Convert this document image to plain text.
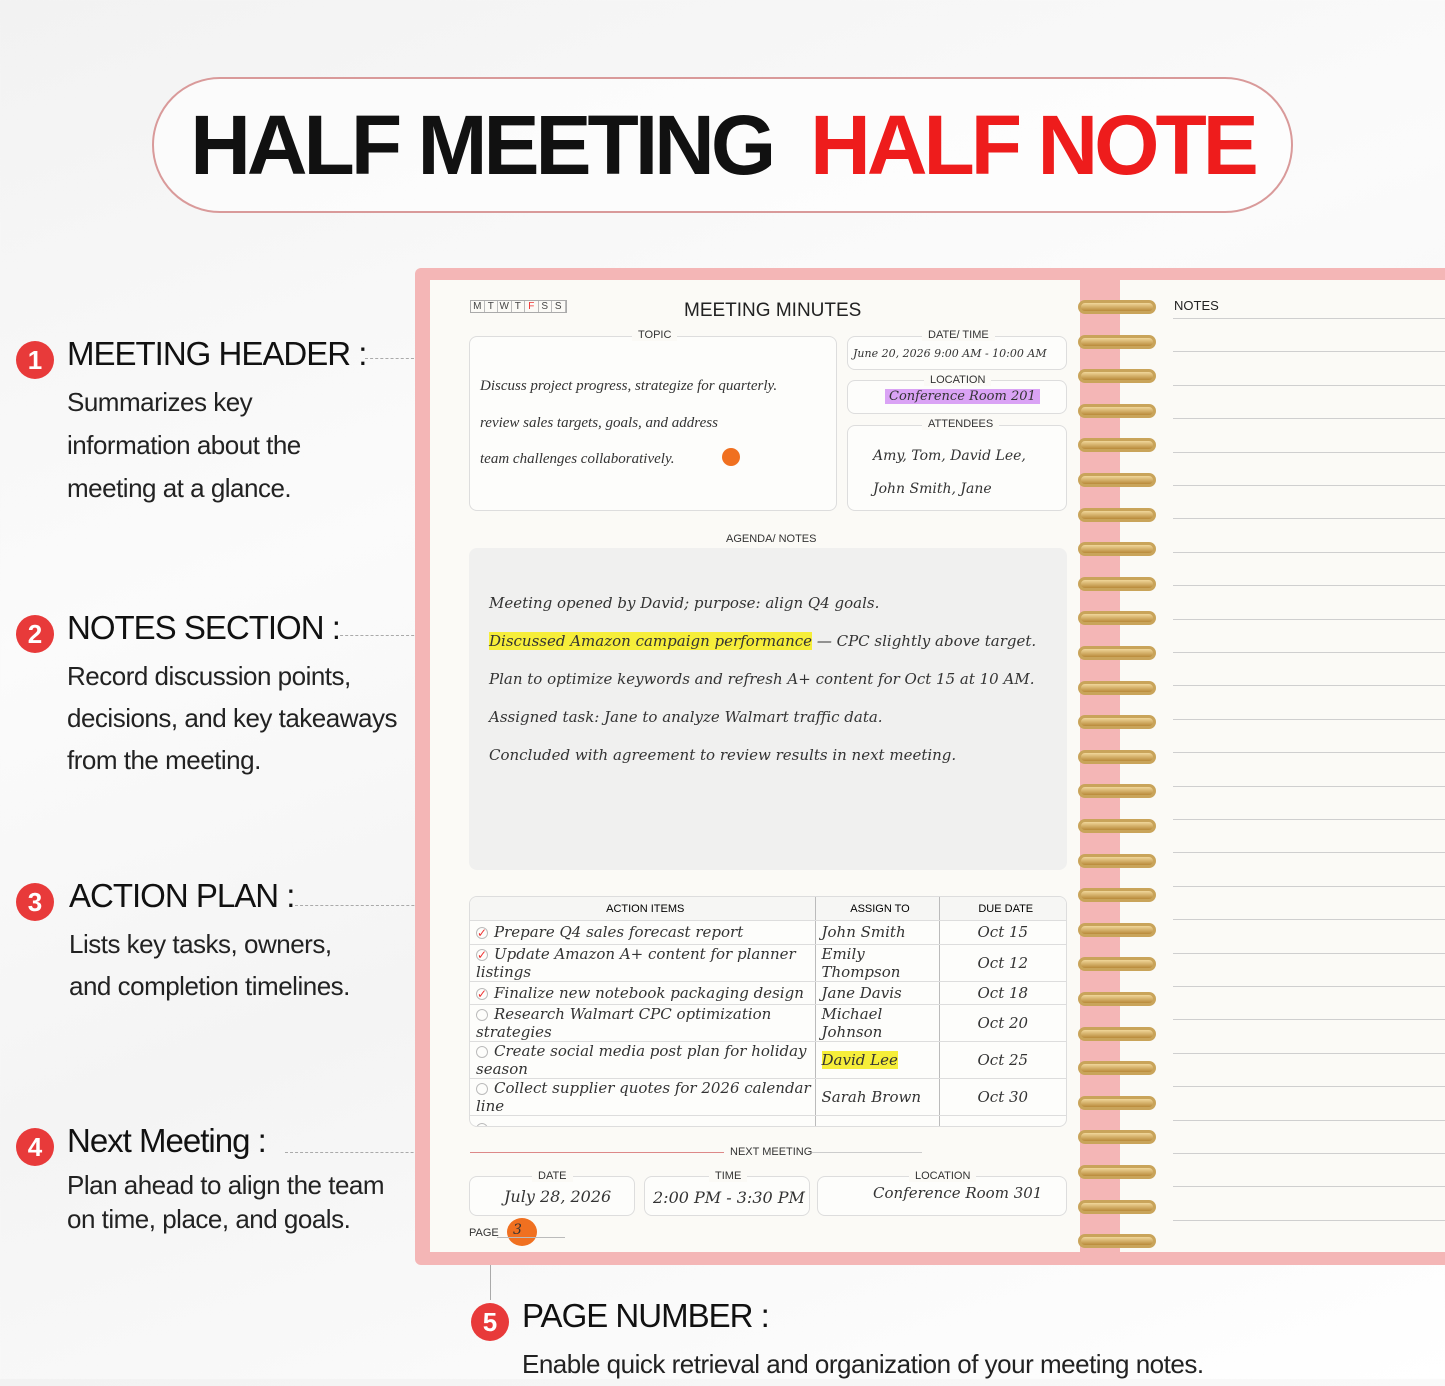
HALF MEETING HALF NOTE
1 MEETING HEADER :
Summarizes key information about the meeting at a glance.
2 NOTES SECTION :
Record discussion points, decisions, and key takeaways from the meeting.
3 ACTION PLAN :
Lists key tasks, owners, and completion timelines.
4 Next Meeting :
Plan ahead to align the team on time, place, and goals.
5 PAGE NUMBER :
Enable quick retrieval and organization of your meeting notes.
M T W T F S S	MEETING MINUTES
TOPIC
Discuss project progress, strategize for quarterly.
review sales targets, goals, and address
team challenges collaboratively.
DATE/ TIME
June 20, 2026 9:00 AM - 10:00 AM
LOCATION
Conference Room 201
ATTENDEES
Amy, Tom, David Lee,
John Smith, Jane
AGENDA/ NOTES
Meeting opened by David; purpose: align Q4 goals.
Discussed Amazon campaign performance — CPC slightly above target.
Plan to optimize keywords and refresh A+ content for Oct 15 at 10 AM.
Assigned task: Jane to analyze Walmart traffic data.
Concluded with agreement to review results in next meeting.
ACTION ITEMS	ASSIGN TO	DUE DATE
✓ Prepare Q4 sales forecast report	John Smith	Oct 15
✓ Update Amazon A+ content for planner listings	Emily Thompson	Oct 12
✓ Finalize new notebook packaging design	Jane Davis	Oct 18
Research Walmart CPC optimization strategies	Michael Johnson	Oct 20
Create social media post plan for holiday season	David Lee	Oct 25
Collect supplier quotes for 2026 calendar line	Sarah Brown	Oct 30

NEXT MEETING
DATE
July 28, 2026
TIME
2:00 PM - 3:30 PM
LOCATION
Conference Room 301
PAGE 3
NOTES
